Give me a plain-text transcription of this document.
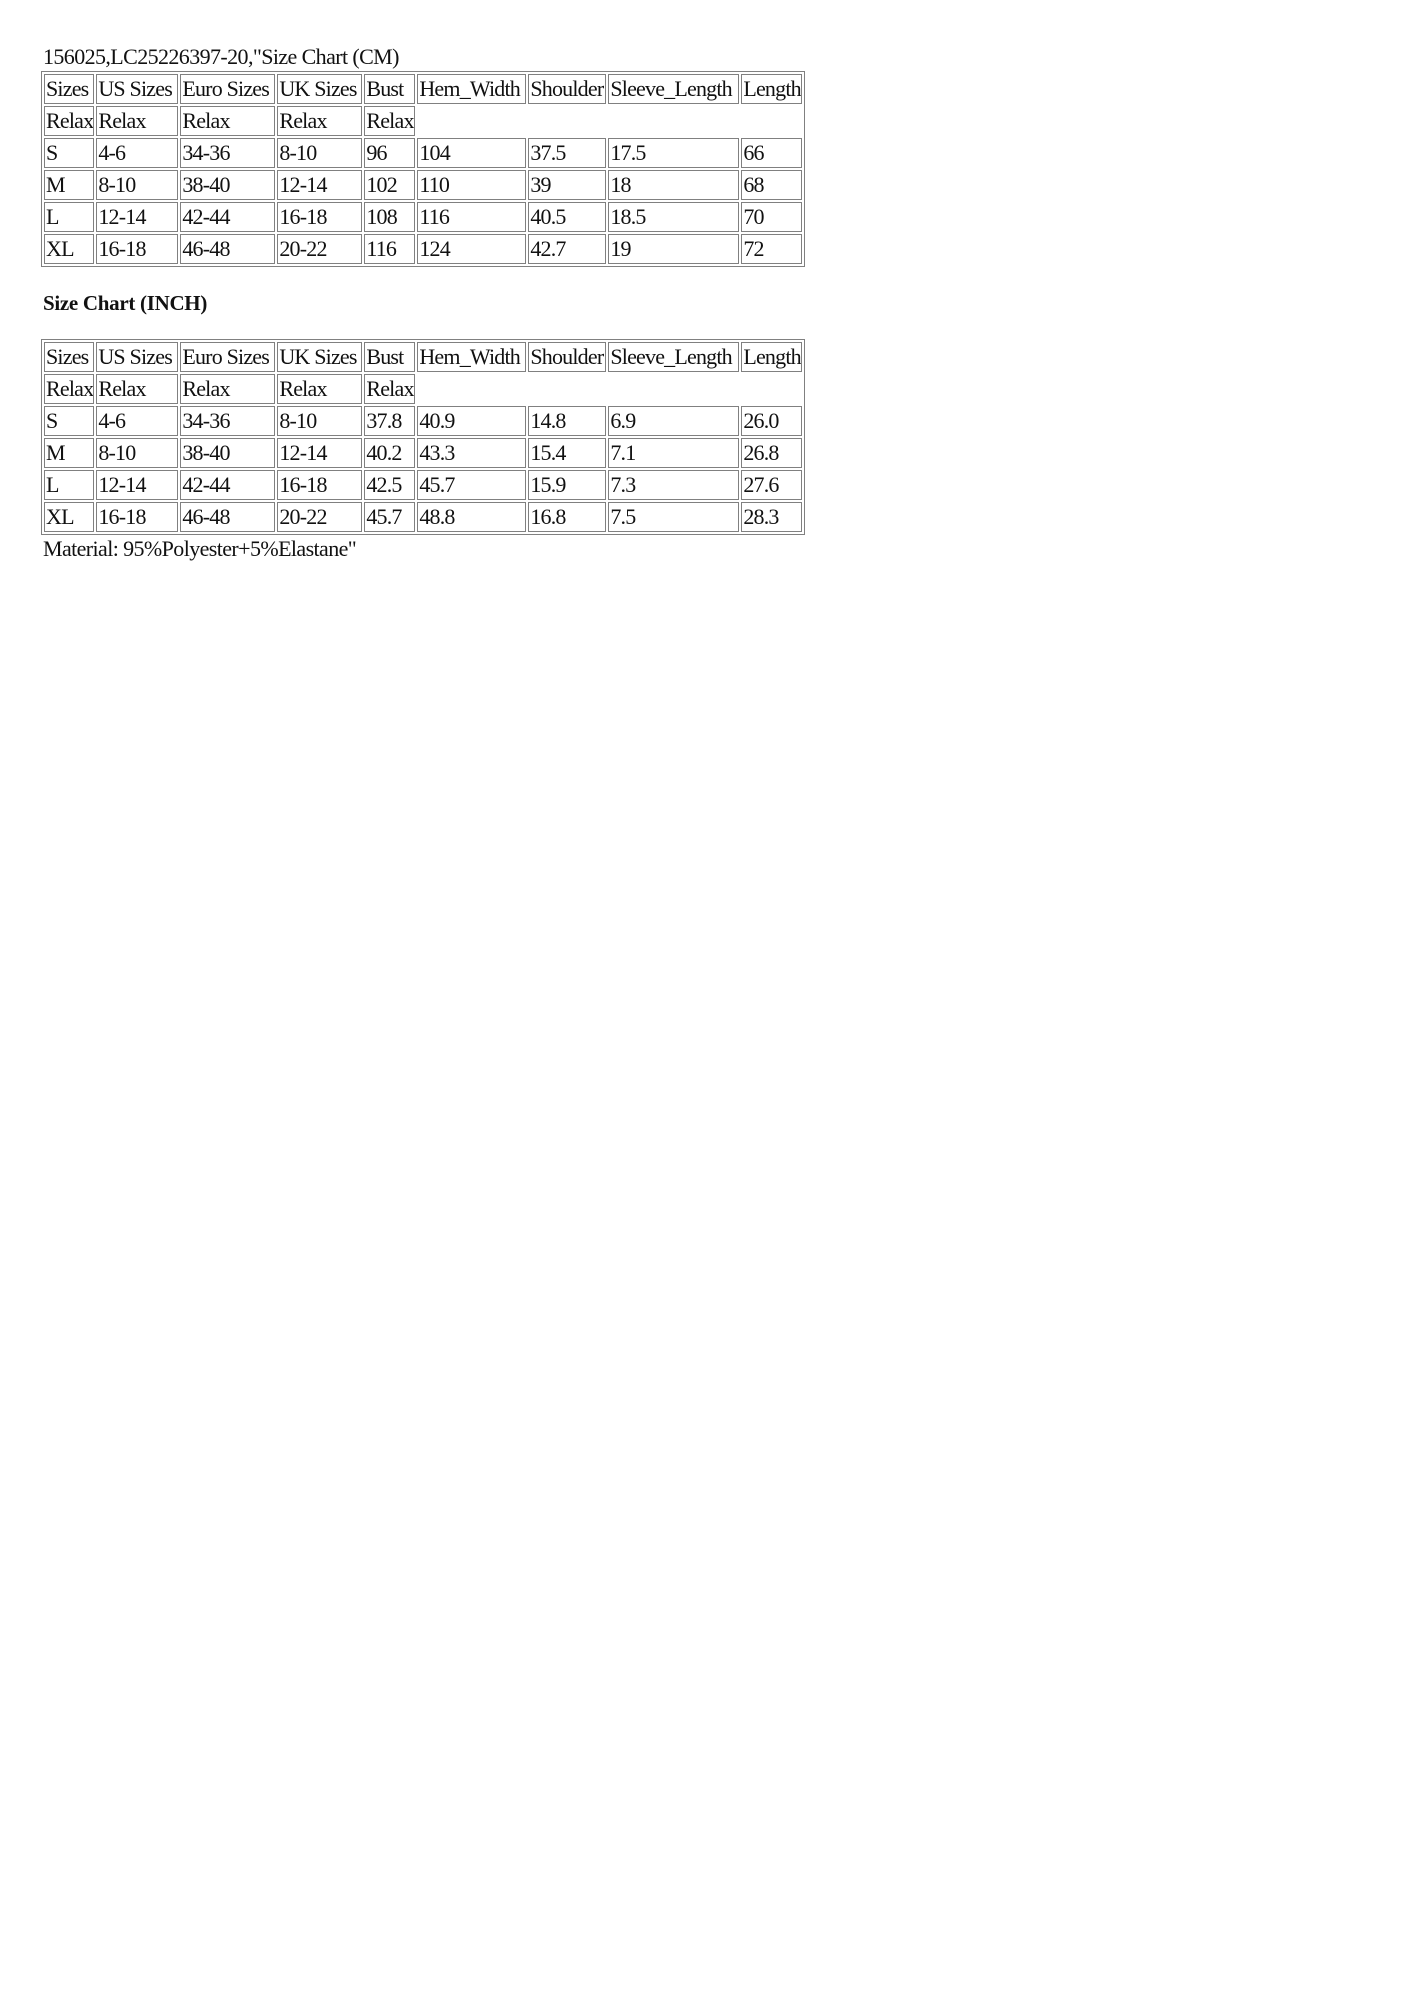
156025,LC25226397-20,"Size Chart (CM)
Sizes	US Sizes	Euro Sizes	UK Sizes	Bust	Hem_Width	Shoulder	Sleeve_Length	Length
Relax	Relax	Relax	Relax	Relax				
S	4-6	34-36	8-10	96	104	37.5	17.5	66
M	8-10	38-40	12-14	102	110	39	18	68
L	12-14	42-44	16-18	108	116	40.5	18.5	70
XL	16-18	46-48	20-22	116	124	42.7	19	72
Size Chart (INCH)
Sizes	US Sizes	Euro Sizes	UK Sizes	Bust	Hem_Width	Shoulder	Sleeve_Length	Length
Relax	Relax	Relax	Relax	Relax				
S	4-6	34-36	8-10	37.8	40.9	14.8	6.9	26.0
M	8-10	38-40	12-14	40.2	43.3	15.4	7.1	26.8
L	12-14	42-44	16-18	42.5	45.7	15.9	7.3	27.6
XL	16-18	46-48	20-22	45.7	48.8	16.8	7.5	28.3
Material: 95%Polyester+5%Elastane"
